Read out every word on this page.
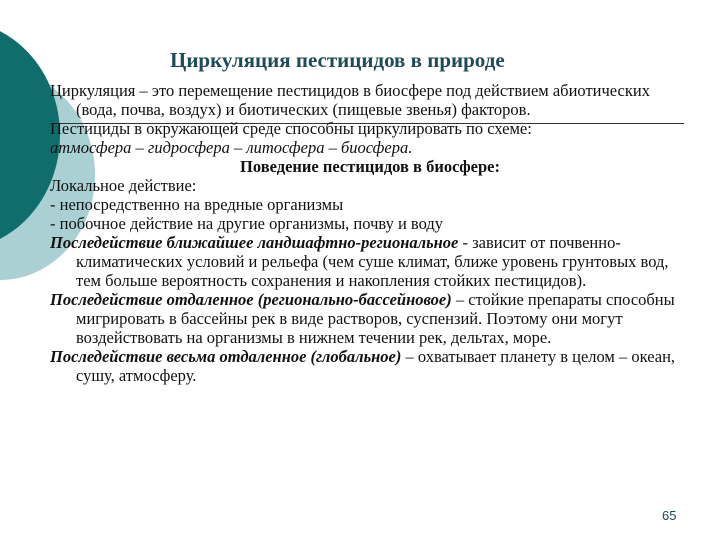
Циркуляция пестицидов в природе

Циркуляция – это перемещение пестицидов в биосфере под действием абиотических (вода, почва, воздух) и биотических (пищевые звенья) факторов.

Пестициды в окружающей среде способны циркулировать по схеме:

атмосфера – гидросфера – литосфера – биосфера.

Поведение пестицидов в биосфере:

Локальное действие:

- непосредственно на вредные организмы

- побочное действие на другие организмы, почву и воду

Последействие ближайшее ландшафтно-региональное - зависит от почвенно-климатических условий и рельефа (чем суше климат, ближе уровень грунтовых вод, тем больше вероятность сохранения и накопления стойких пестицидов).

Последействие отдаленное (регионально-бассейновое) – стойкие препараты способны мигрировать в бассейны рек в виде растворов, суспензий. Поэтому они могут воздействовать на организмы в нижнем течении рек, дельтах, море.

Последействие весьма отдаленное (глобальное) – охватывает планету в целом – океан, сушу, атмосферу.

65
